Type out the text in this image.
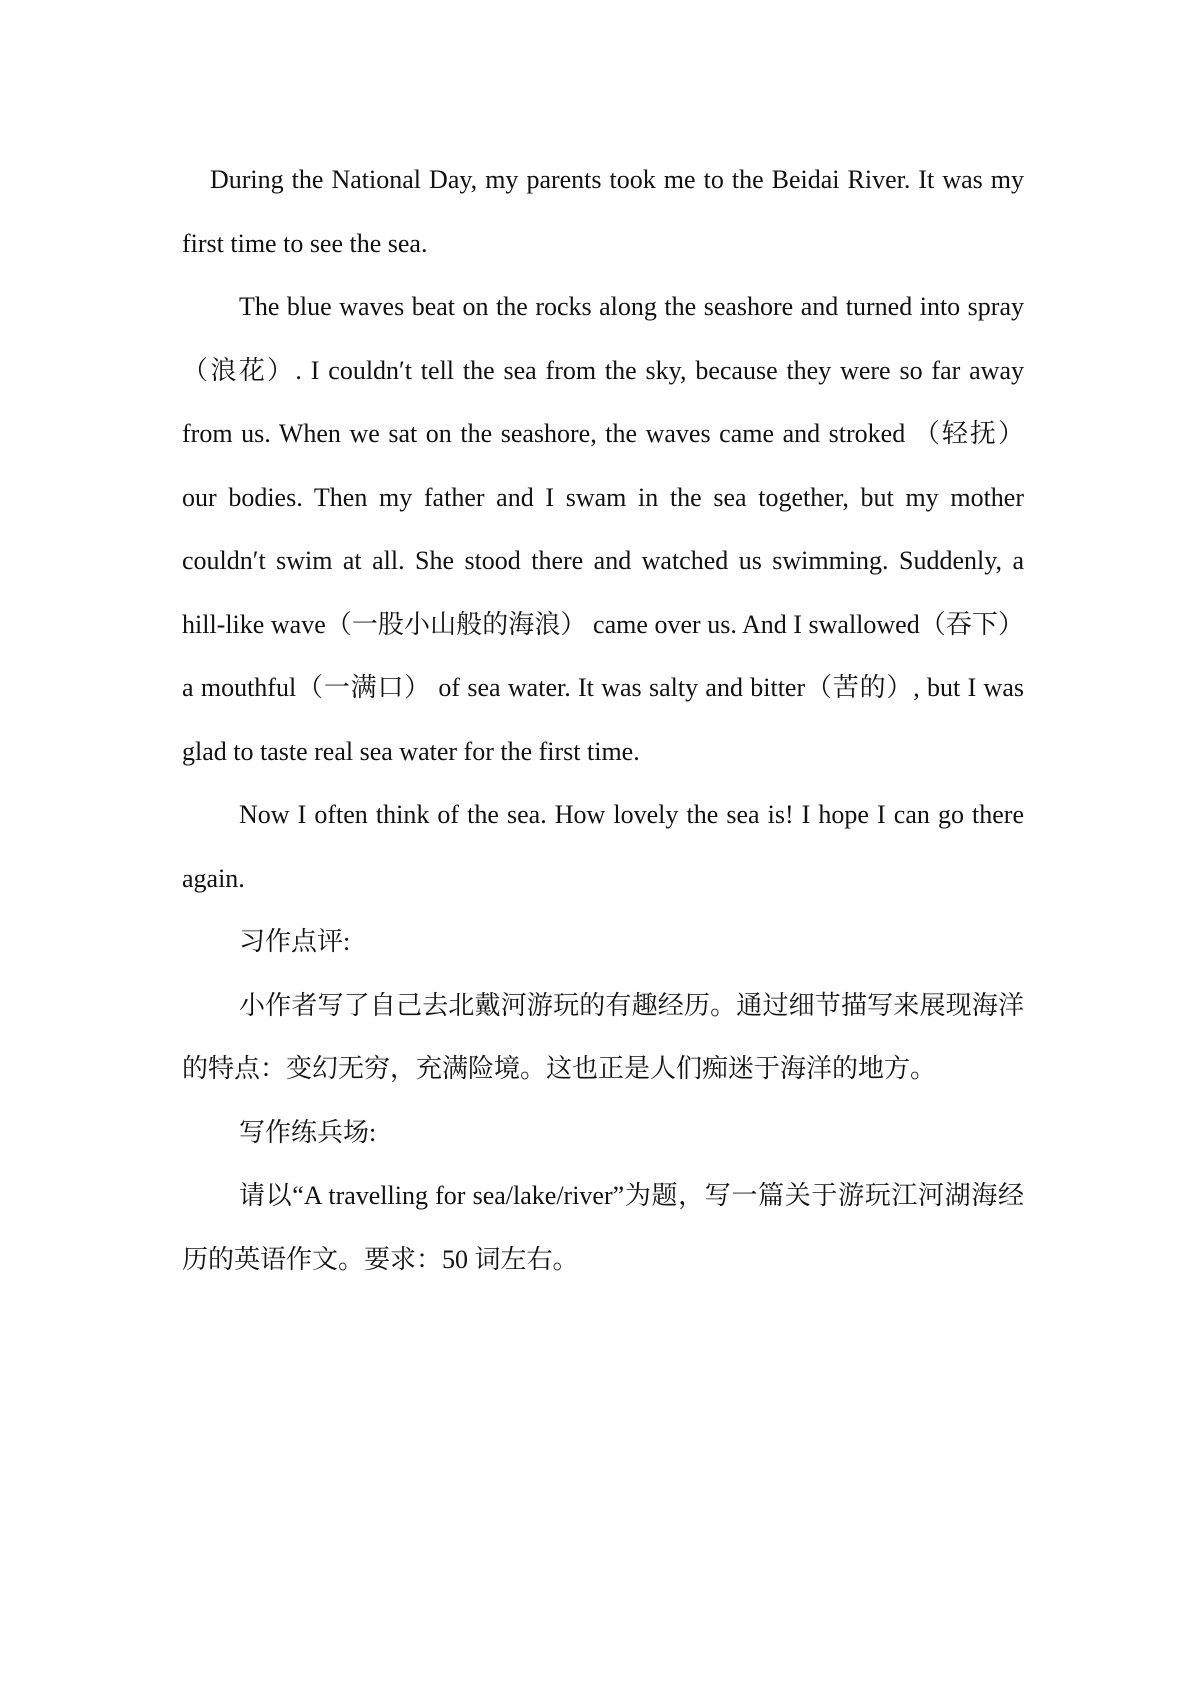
During the National Day, my parents took me to the Beidai River. It was my first time to see the sea.

The blue waves beat on the rocks along the seashore and turned into spray（浪花）. I couldn′t tell the sea from the sky, because they were so far away from us. When we sat on the seashore, the waves came and stroked （轻抚） our bodies. Then my father and I swam in the sea together, but my mother couldn′t swim at all. She stood there and watched us swimming. Suddenly, a hill-like wave（一股小山般的海浪） came over us. And I swallowed（吞下） a mouthful（一满口） of sea water. It was salty and bitter（苦的）, but I was glad to taste real sea water for the first time.

Now I often think of the sea. How lovely the sea is! I hope I can go there again.

习作点评:

小作者写了自己去北戴河游玩的有趣经历。通过细节描写来展现海洋的特点：变幻无穷，充满险境。这也正是人们痴迷于海洋的地方。

写作练兵场:

请以“A travelling for sea/lake/river”为题，写一篇关于游玩江河湖海经历的英语作文。要求：50 词左右。
